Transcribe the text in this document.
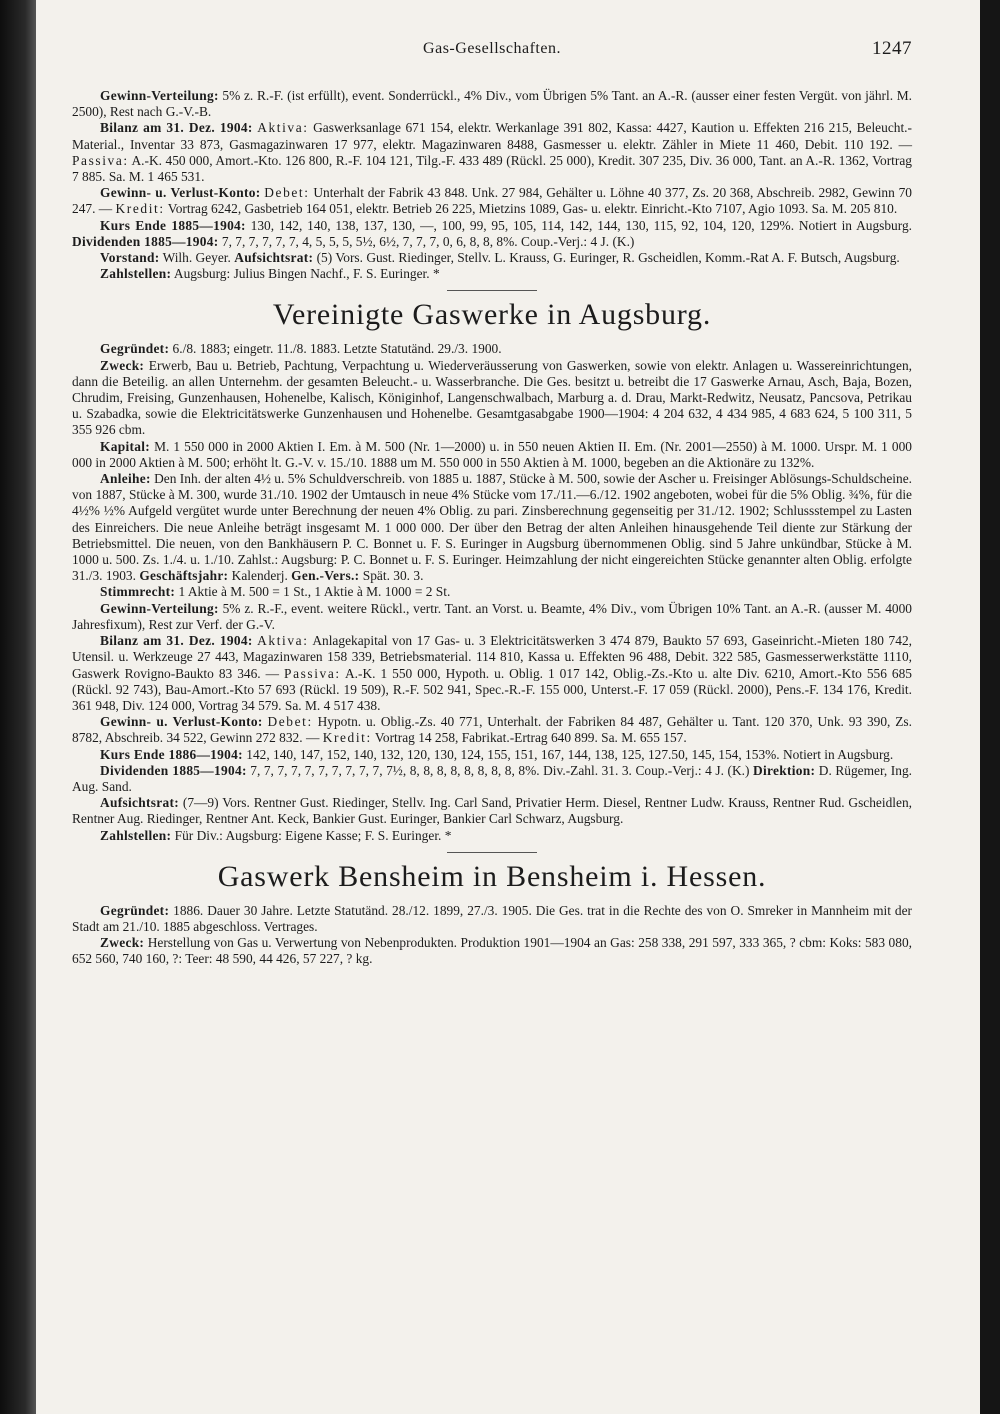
Gas-Gesellschaften.	1247

Gewinn-Verteilung: 5% z. R.-F. (ist erfüllt), event. Sonderrückl., 4% Div., vom Übrigen 5% Tant. an A.-R. (ausser einer festen Vergüt. von jährl. M. 2500), Rest nach G.-V.-B.

Bilanz am 31. Dez. 1904: Aktiva: Gaswerksanlage 671 154, elektr. Werkanlage 391 802, Kassa: 4427, Kaution u. Effekten 216 215, Beleucht.-Material., Inventar 33 873, Gasmagazinwaren 17 977, elektr. Magazinwaren 8488, Gasmesser u. elektr. Zähler in Miete 11 460, Debit. 110 192. — Passiva: A.-K. 450 000, Amort.-Kto. 126 800, R.-F. 104 121, Tilg.-F. 433 489 (Rückl. 25 000), Kredit. 307 235, Div. 36 000, Tant. an A.-R. 1362, Vortrag 7 885. Sa. M. 1 465 531.

Gewinn- u. Verlust-Konto: Debet: Unterhalt der Fabrik 43 848. Unk. 27 984, Gehälter u. Löhne 40 377, Zs. 20 368, Abschreib. 2982, Gewinn 70 247. — Kredit: Vortrag 6242, Gasbetrieb 164 051, elektr. Betrieb 26 225, Mietzins 1089, Gas- u. elektr. Einricht.-Kto 7107, Agio 1093. Sa. M. 205 810.

Kurs Ende 1885—1904: 130, 142, 140, 138, 137, 130, —, 100, 99, 95, 105, 114, 142, 144, 130, 115, 92, 104, 120, 129%. Notiert in Augsburg. Dividenden 1885—1904: 7, 7, 7, 7, 7, 7, 4, 5, 5, 5, 5½, 6½, 7, 7, 7, 0, 6, 8, 8, 8%. Coup.-Verj.: 4 J. (K.)

Vorstand: Wilh. Geyer. Aufsichtsrat: (5) Vors. Gust. Riedinger, Stellv. L. Krauss, G. Euringer, R. Gscheidlen, Komm.-Rat A. F. Butsch, Augsburg.

Zahlstellen: Augsburg: Julius Bingen Nachf., F. S. Euringer. *

Vereinigte Gaswerke in Augsburg.

Gegründet: 6./8. 1883; eingetr. 11./8. 1883. Letzte Statutänd. 29./3. 1900.

Zweck: Erwerb, Bau u. Betrieb, Pachtung, Verpachtung u. Wiederveräusserung von Gaswerken, sowie von elektr. Anlagen u. Wassereinrichtungen, dann die Beteilig. an allen Unternehm. der gesamten Beleucht.- u. Wasserbranche. Die Ges. besitzt u. betreibt die 17 Gaswerke Arnau, Asch, Baja, Bozen, Chrudim, Freising, Gunzenhausen, Hohenelbe, Kalisch, Königinhof, Langenschwalbach, Marburg a. d. Drau, Markt-Redwitz, Neusatz, Pancsova, Petrikau u. Szabadka, sowie die Elektricitätswerke Gunzenhausen und Hohenelbe. Gesamtgasabgabe 1900—1904: 4 204 632, 4 434 985, 4 683 624, 5 100 311, 5 355 926 cbm.

Kapital: M. 1 550 000 in 2000 Aktien I. Em. à M. 500 (Nr. 1—2000) u. in 550 neuen Aktien II. Em. (Nr. 2001—2550) à M. 1000. Urspr. M. 1 000 000 in 2000 Aktien à M. 500; erhöht lt. G.-V. v. 15./10. 1888 um M. 550 000 in 550 Aktien à M. 1000, begeben an die Aktionäre zu 132%.

Anleihe: Den Inh. der alten 4½ u. 5% Schuldverschreib. von 1885 u. 1887, Stücke à M. 500, sowie der Ascher u. Freisinger Ablösungs-Schuldscheine. von 1887, Stücke à M. 300, wurde 31./10. 1902 der Umtausch in neue 4% Stücke vom 17./11.—6./12. 1902 angeboten, wobei für die 5% Oblig. ¾%, für die 4½% ½% Aufgeld vergütet wurde unter Berechnung der neuen 4% Oblig. zu pari. Zinsberechnung gegenseitig per 31./12. 1902; Schlussstempel zu Lasten des Einreichers. Die neue Anleihe beträgt insgesamt M. 1 000 000. Der über den Betrag der alten Anleihen hinausgehende Teil diente zur Stärkung der Betriebsmittel. Die neuen, von den Bankhäusern P. C. Bonnet u. F. S. Euringer in Augsburg übernommenen Oblig. sind 5 Jahre unkündbar, Stücke à M. 1000 u. 500. Zs. 1./4. u. 1./10. Zahlst.: Augsburg: P. C. Bonnet u. F. S. Euringer. Heimzahlung der nicht eingereichten Stücke genannter alten Oblig. erfolgte 31./3. 1903. Geschäftsjahr: Kalenderj. Gen.-Vers.: Spät. 30. 3.

Stimmrecht: 1 Aktie à M. 500 = 1 St., 1 Aktie à M. 1000 = 2 St.

Gewinn-Verteilung: 5% z. R.-F., event. weitere Rückl., vertr. Tant. an Vorst. u. Beamte, 4% Div., vom Übrigen 10% Tant. an A.-R. (ausser M. 4000 Jahresfixum), Rest zur Verf. der G.-V.

Bilanz am 31. Dez. 1904: Aktiva: Anlagekapital von 17 Gas- u. 3 Elektricitätswerken 3 474 879, Baukto 57 693, Gaseinricht.-Mieten 180 742, Utensil. u. Werkzeuge 27 443, Magazinwaren 158 339, Betriebsmaterial. 114 810, Kassa u. Effekten 96 488, Debit. 322 585, Gasmesserwerkstätte 1110, Gaswerk Rovigno-Baukto 83 346. — Passiva: A.-K. 1 550 000, Hypoth. u. Oblig. 1 017 142, Oblig.-Zs.-Kto u. alte Div. 6210, Amort.-Kto 556 685 (Rückl. 92 743), Bau-Amort.-Kto 57 693 (Rückl. 19 509), R.-F. 502 941, Spec.-R.-F. 155 000, Unterst.-F. 17 059 (Rückl. 2000), Pens.-F. 134 176, Kredit. 361 948, Div. 124 000, Vortrag 34 579. Sa. M. 4 517 438.

Gewinn- u. Verlust-Konto: Debet: Hypotn. u. Oblig.-Zs. 40 771, Unterhalt. der Fabriken 84 487, Gehälter u. Tant. 120 370, Unk. 93 390, Zs. 8782, Abschreib. 34 522, Gewinn 272 832. — Kredit: Vortrag 14 258, Fabrikat.-Ertrag 640 899. Sa. M. 655 157.

Kurs Ende 1886—1904: 142, 140, 147, 152, 140, 132, 120, 130, 124, 155, 151, 167, 144, 138, 125, 127.50, 145, 154, 153%. Notiert in Augsburg.

Dividenden 1885—1904: 7, 7, 7, 7, 7, 7, 7, 7, 7, 7, 7½, 8, 8, 8, 8, 8, 8, 8, 8, 8%. Div.-Zahl. 31. 3. Coup.-Verj.: 4 J. (K.) Direktion: D. Rügemer, Ing. Aug. Sand.

Aufsichtsrat: (7—9) Vors. Rentner Gust. Riedinger, Stellv. Ing. Carl Sand, Privatier Herm. Diesel, Rentner Ludw. Krauss, Rentner Rud. Gscheidlen, Rentner Aug. Riedinger, Rentner Ant. Keck, Bankier Gust. Euringer, Bankier Carl Schwarz, Augsburg.

Zahlstellen: Für Div.: Augsburg: Eigene Kasse; F. S. Euringer. *

Gaswerk Bensheim in Bensheim i. Hessen.

Gegründet: 1886. Dauer 30 Jahre. Letzte Statutänd. 28./12. 1899, 27./3. 1905. Die Ges. trat in die Rechte des von O. Smreker in Mannheim mit der Stadt am 21./10. 1885 abgeschloss. Vertrages.

Zweck: Herstellung von Gas u. Verwertung von Nebenprodukten. Produktion 1901—1904 an Gas: 258 338, 291 597, 333 365, ? cbm: Koks: 583 080, 652 560, 740 160, ?: Teer: 48 590, 44 426, 57 227, ? kg.
